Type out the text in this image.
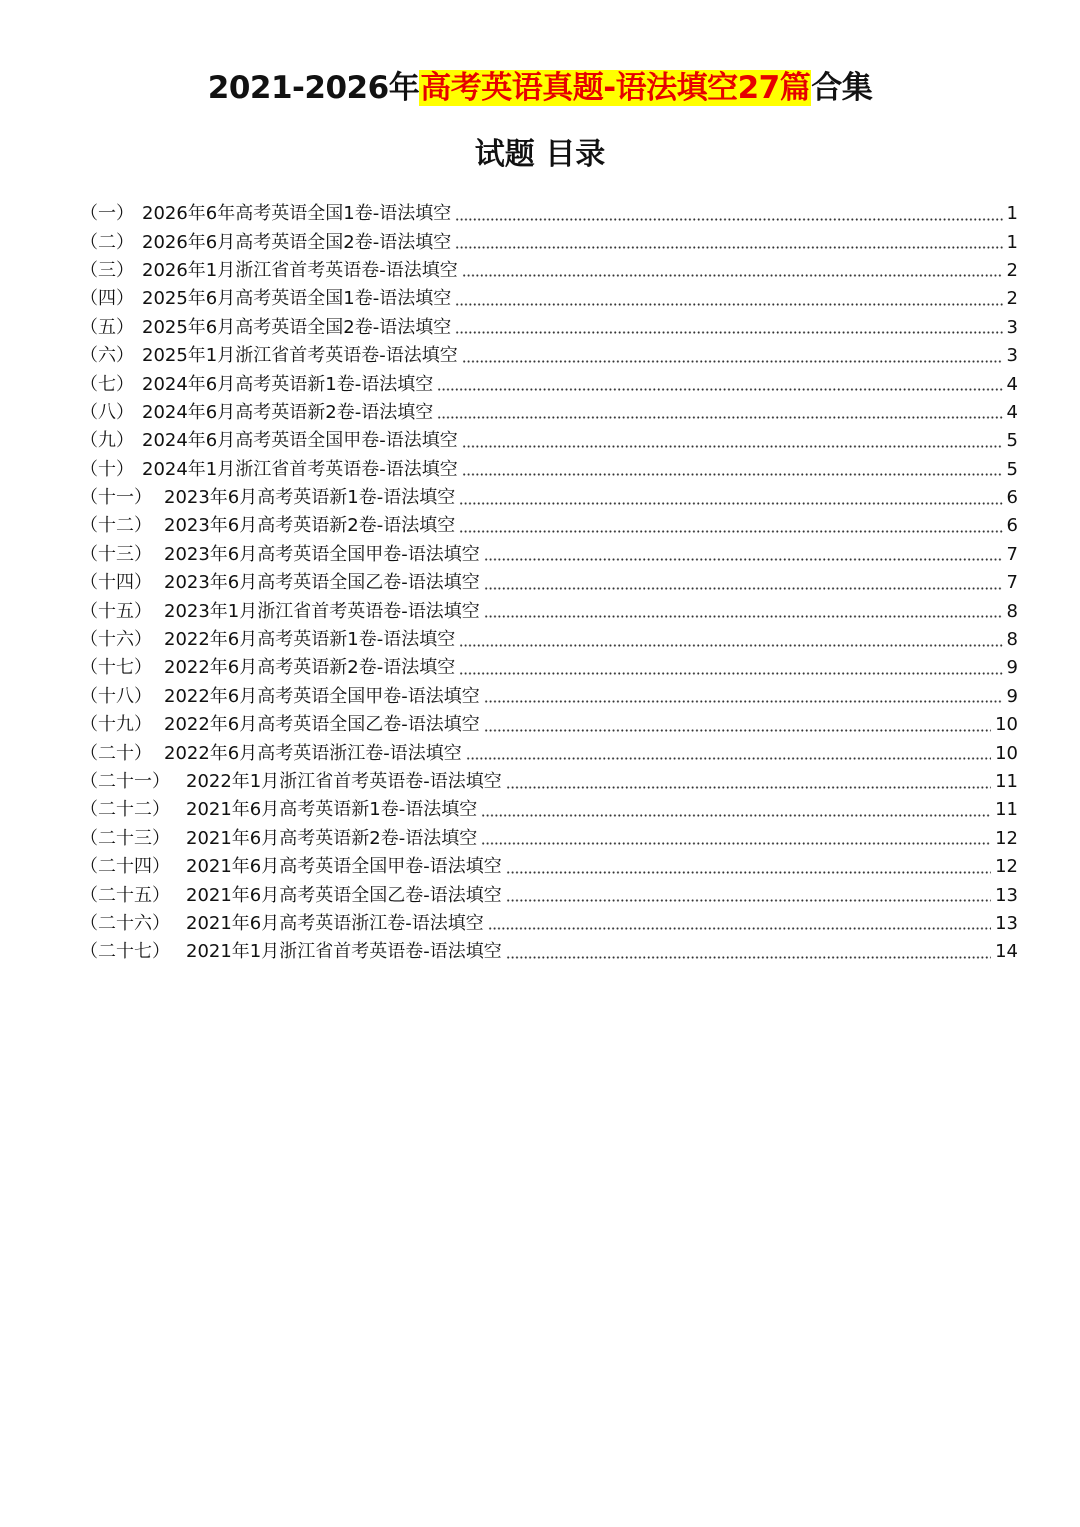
2021-2026年高考英语真题-语法填空27篇合集
试题 目录
（一） 2026年6年高考英语全国1卷-语法填空	1
（二） 2026年6月高考英语全国2卷-语法填空	1
（三） 2026年1月浙江省首考英语卷-语法填空	2
（四） 2025年6月高考英语全国1卷-语法填空	2
（五） 2025年6月高考英语全国2卷-语法填空	3
（六） 2025年1月浙江省首考英语卷-语法填空	3
（七） 2024年6月高考英语新1卷-语法填空	4
（八） 2024年6月高考英语新2卷-语法填空	4
（九） 2024年6月高考英语全国甲卷-语法填空	5
（十） 2024年1月浙江省首考英语卷-语法填空	5
（十一） 2023年6月高考英语新1卷-语法填空	6
（十二） 2023年6月高考英语新2卷-语法填空	6
（十三） 2023年6月高考英语全国甲卷-语法填空	7
（十四） 2023年6月高考英语全国乙卷-语法填空	7
（十五） 2023年1月浙江省首考英语卷-语法填空	8
（十六） 2022年6月高考英语新1卷-语法填空	8
（十七） 2022年6月高考英语新2卷-语法填空	9
（十八） 2022年6月高考英语全国甲卷-语法填空	9
（十九） 2022年6月高考英语全国乙卷-语法填空	10
（二十） 2022年6月高考英语浙江卷-语法填空	10
（二十一） 2022年1月浙江省首考英语卷-语法填空	11
（二十二） 2021年6月高考英语新1卷-语法填空	11
（二十三） 2021年6月高考英语新2卷-语法填空	12
（二十四） 2021年6月高考英语全国甲卷-语法填空	12
（二十五） 2021年6月高考英语全国乙卷-语法填空	13
（二十六） 2021年6月高考英语浙江卷-语法填空	13
（二十七） 2021年1月浙江省首考英语卷-语法填空	14
